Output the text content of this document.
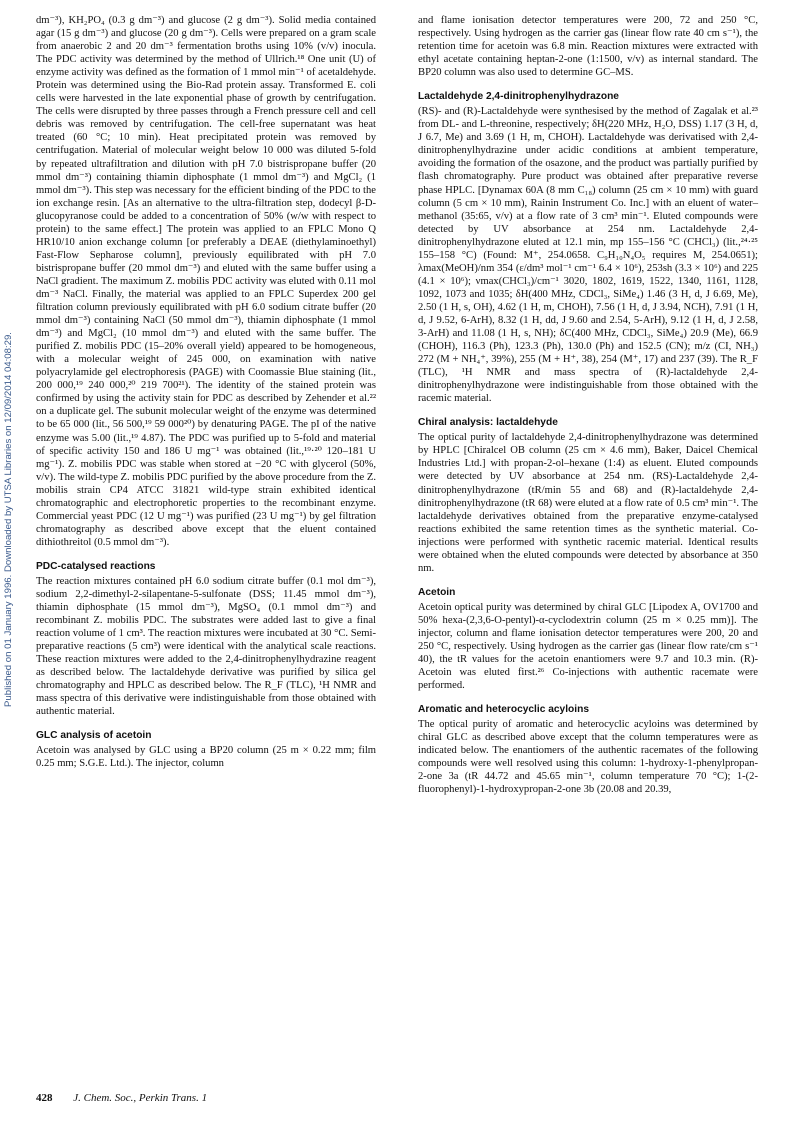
Published on 01 January 1996. Downloaded by UTSA Libraries on 12/09/2014 04:08:29.

dm⁻³), KH₂PO₄ (0.3 g dm⁻³) and glucose (2 g dm⁻³). Solid media contained agar (15 g dm⁻³) and glucose (20 g dm⁻³). Cells were prepared on a gram scale from anaerobic 2 and 20 dm⁻³ fermentation broths using 10% (v/v) inocula. The PDC activity was determined by the method of Ullrich.¹⁸ One unit (U) of enzyme activity was defined as the formation of 1 mmol min⁻¹ of acetaldehyde. Protein was determined using the Bio-Rad protein assay. Transformed E. coli cells were harvested in the late exponential phase of growth by centrifugation. The cells were disrupted by three passes through a French pressure cell and cell debris was removed by centrifugation. The cell-free supernatant was heat treated (60 °C; 10 min). Heat precipitated protein was removed by centrifugation. Material of molecular weight below 10 000 was diluted 5-fold by repeated ultrafiltration and dilution with pH 7.0 bistrispropane buffer (20 mmol dm⁻³) containing thiamin diphosphate (1 mmol dm⁻³) and MgCl₂ (1 mmol dm⁻³). This step was necessary for the efficient binding of the PDC to the ion exchange resin. [As an alternative to the ultra-filtration step, dodecyl β-D-glucopyranose could be added to a concentration of 50% (w/w with respect to protein) to the same effect.] The protein was applied to an FPLC Mono Q HR10/10 anion exchange column [or preferably a DEAE (diethylaminoethyl) Fast-Flow Sepharose column], previously equilibrated with pH 7.0 bistrispropane buffer (20 mmol dm⁻³) and eluted with the same buffer using a NaCl gradient. The maximum Z. mobilis PDC activity was eluted with 0.11 mol dm⁻³ NaCl. Finally, the material was applied to an FPLC Superdex 200 gel filtration column previously equilibrated with pH 6.0 sodium citrate buffer (20 mmol dm⁻³) containing NaCl (50 mmol dm⁻³), thiamin diphosphate (1 mmol dm⁻³) and MgCl₂ (10 mmol dm⁻³) and eluted with the same buffer. The purified Z. mobilis PDC (15–20% overall yield) appeared to be homogeneous, with a molecular weight of 245 000, on examination with native polyacrylamide gel electrophoresis (PAGE) with Coomassie Blue staining (lit., 200 000,¹⁹ 240 000,²⁰ 219 700²¹). The identity of the stained protein was confirmed by using the activity stain for PDC as described by Zehender et al.²² on a duplicate gel. The subunit molecular weight of the enzyme was determined to be 65 000 (lit., 56 500,¹⁹ 59 000²⁰) by denaturing PAGE. The pI of the native enzyme was 5.00 (lit.,¹⁹ 4.87). The PDC was purified up to 5-fold and material of specific activity 150 and 186 U mg⁻¹ was obtained (lit.,¹⁹·²⁰ 120–181 U mg⁻¹). Z. mobilis PDC was stable when stored at −20 °C with glycerol (50%, v/v). The wild-type Z. mobilis PDC purified by the above procedure from the Z. mobilis strain CP4 ATCC 31821 wild-type strain exhibited identical chromatographic and electrophoretic properties to the recombinant enzyme. Commercial yeast PDC (12 U mg⁻¹) was purified (23 U mg⁻¹) by gel filtration chromatography as described above except that the eluent contained dithiothreitol (0.5 mmol dm⁻³).

PDC-catalysed reactions

The reaction mixtures contained pH 6.0 sodium citrate buffer (0.1 mol dm⁻³), sodium 2,2-dimethyl-2-silapentane-5-sulfonate (DSS; 11.45 mmol dm⁻³), thiamin diphosphate (15 mmol dm⁻³), MgSO₄ (0.1 mmol dm⁻³) and recombinant Z. mobilis PDC. The substrates were added last to give a final reaction volume of 1 cm³. The reaction mixtures were incubated at 30 °C. Semi-preparative reactions (5 cm³) were identical with the analytical scale reactions. These reaction mixtures were added to the 2,4-dinitrophenylhydrazine reagent as described below. The lactaldehyde derivative was purified by silica gel chromatography and HPLC as described below. The R_F (TLC), ¹H NMR and mass spectra of this derivative were indistinguishable from those obtained with authentic material.

GLC analysis of acetoin

Acetoin was analysed by GLC using a BP20 column (25 m × 0.22 mm; film 0.25 mm; S.G.E. Ltd.). The injector, column

and flame ionisation detector temperatures were 200, 72 and 250 °C, respectively. Using hydrogen as the carrier gas (linear flow rate 40 cm s⁻¹), the retention time for acetoin was 6.8 min. Reaction mixtures were extracted with ethyl acetate containing heptan-2-one (1:1500, v/v) as internal standard. The BP20 column was also used to determine GC–MS.

Lactaldehyde 2,4-dinitrophenylhydrazone

(RS)- and (R)-Lactaldehyde were synthesised by the method of Zagalak et al.²³ from DL- and L-threonine, respectively; δH(220 MHz, H₂O, DSS) 1.17 (3 H, d, J 6.7, Me) and 3.69 (1 H, m, CHOH). Lactaldehyde was derivatised with 2,4-dinitrophenylhydrazine under acidic conditions at ambient temperature, avoiding the formation of the osazone, and the product was partially purified by flash chromatography. Pure product was obtained after preparative reverse phase HPLC. [Dynamax 60A (8 mm C₁₈) column (25 cm × 10 mm) with guard column (5 cm × 10 mm), Rainin Instrument Co. Inc.] with an eluent of water–methanol (35:65, v/v) at a flow rate of 3 cm³ min⁻¹. Eluted compounds were detected by UV absorbance at 254 nm. Lactaldehyde 2,4-dinitrophenylhydrazone eluted at 12.1 min, mp 155–156 °C (CHCl₃) (lit.,²⁴·²⁵ 155–158 °C) (Found: M⁺, 254.0658. C₉H₁₀N₄O₅ requires M, 254.0651); λmax(MeOH)/nm 354 (ε/dm³ mol⁻¹ cm⁻¹ 6.4 × 10⁶), 253sh (3.3 × 10⁶) and 225 (4.1 × 10⁶); νmax(CHCl₃)/cm⁻¹ 3020, 1802, 1619, 1522, 1340, 1161, 1128, 1092, 1073 and 1035; δH(400 MHz, CDCl₃, SiMe₄) 1.46 (3 H, d, J 6.69, Me), 2.50 (1 H, s, OH), 4.62 (1 H, m, CHOH), 7.56 (1 H, d, J 3.94, NCH), 7.91 (1 H, d, J 9.52, 6-ArH), 8.32 (1 H, dd, J 9.60 and 2.54, 5-ArH), 9.12 (1 H, d, J 2.58, 3-ArH) and 11.08 (1 H, s, NH); δC(400 MHz, CDCl₃, SiMe₄) 20.9 (Me), 66.9 (CHOH), 116.3 (Ph), 123.3 (Ph), 130.0 (Ph) and 152.5 (CN); m/z (CI, NH₃) 272 (M + NH₄⁺, 39%), 255 (M + H⁺, 38), 254 (M⁺, 17) and 237 (39). The R_F (TLC), ¹H NMR and mass spectra of (R)-lactaldehyde 2,4-dinitrophenylhydrazone were indistinguishable from those obtained with the racemic material.

Chiral analysis: lactaldehyde

The optical purity of lactaldehyde 2,4-dinitrophenylhydrazone was determined by HPLC [Chiralcel OB column (25 cm × 4.6 mm), Baker, Daicel Chemical Industries Ltd.] with propan-2-ol–hexane (1:4) as eluent. Eluted compounds were detected by UV absorbance at 254 nm. (RS)-Lactaldehyde 2,4-dinitrophenylhydrazone (tR/min 55 and 68) and (R)-lactaldehyde 2,4-dinitrophenylhydrazone (tR 68) were eluted at a flow rate of 0.5 cm³ min⁻¹. The lactaldehyde derivatives obtained from the preparative enzyme-catalysed reactions exhibited the same retention times as the synthetic material. Co-injections were performed with synthetic racemic material. Identical results were obtained when the eluted compounds were detected by absorbance at 350 nm.

Acetoin

Acetoin optical purity was determined by chiral GLC [Lipodex A, OV1700 and 50% hexa-(2,3,6-O-pentyl)-α-cyclodextrin column (25 m × 0.25 mm)]. The injector, column and flame ionisation detector temperatures were 200, 20 and 250 °C, respectively. Using hydrogen as the carrier gas (linear flow rate/cm s⁻¹ 40), the tR values for the acetoin enantiomers were 9.7 and 10.3 min. (R)-Acetoin was eluted first.²⁶ Co-injections with authentic racemate were performed.

Aromatic and heterocyclic acyloins

The optical purity of aromatic and heterocyclic acyloins was determined by chiral GLC as described above except that the column temperatures were as indicated below. The enantiomers of the authentic racemates of the following compounds were well resolved using this column: 1-hydroxy-1-phenylpropan-2-one 3a (tR 44.72 and 45.65 min⁻¹, column temperature 70 °C); 1-(2-fluorophenyl)-1-hydroxypropan-2-one 3b (20.08 and 20.39,

428 J. Chem. Soc., Perkin Trans. 1
